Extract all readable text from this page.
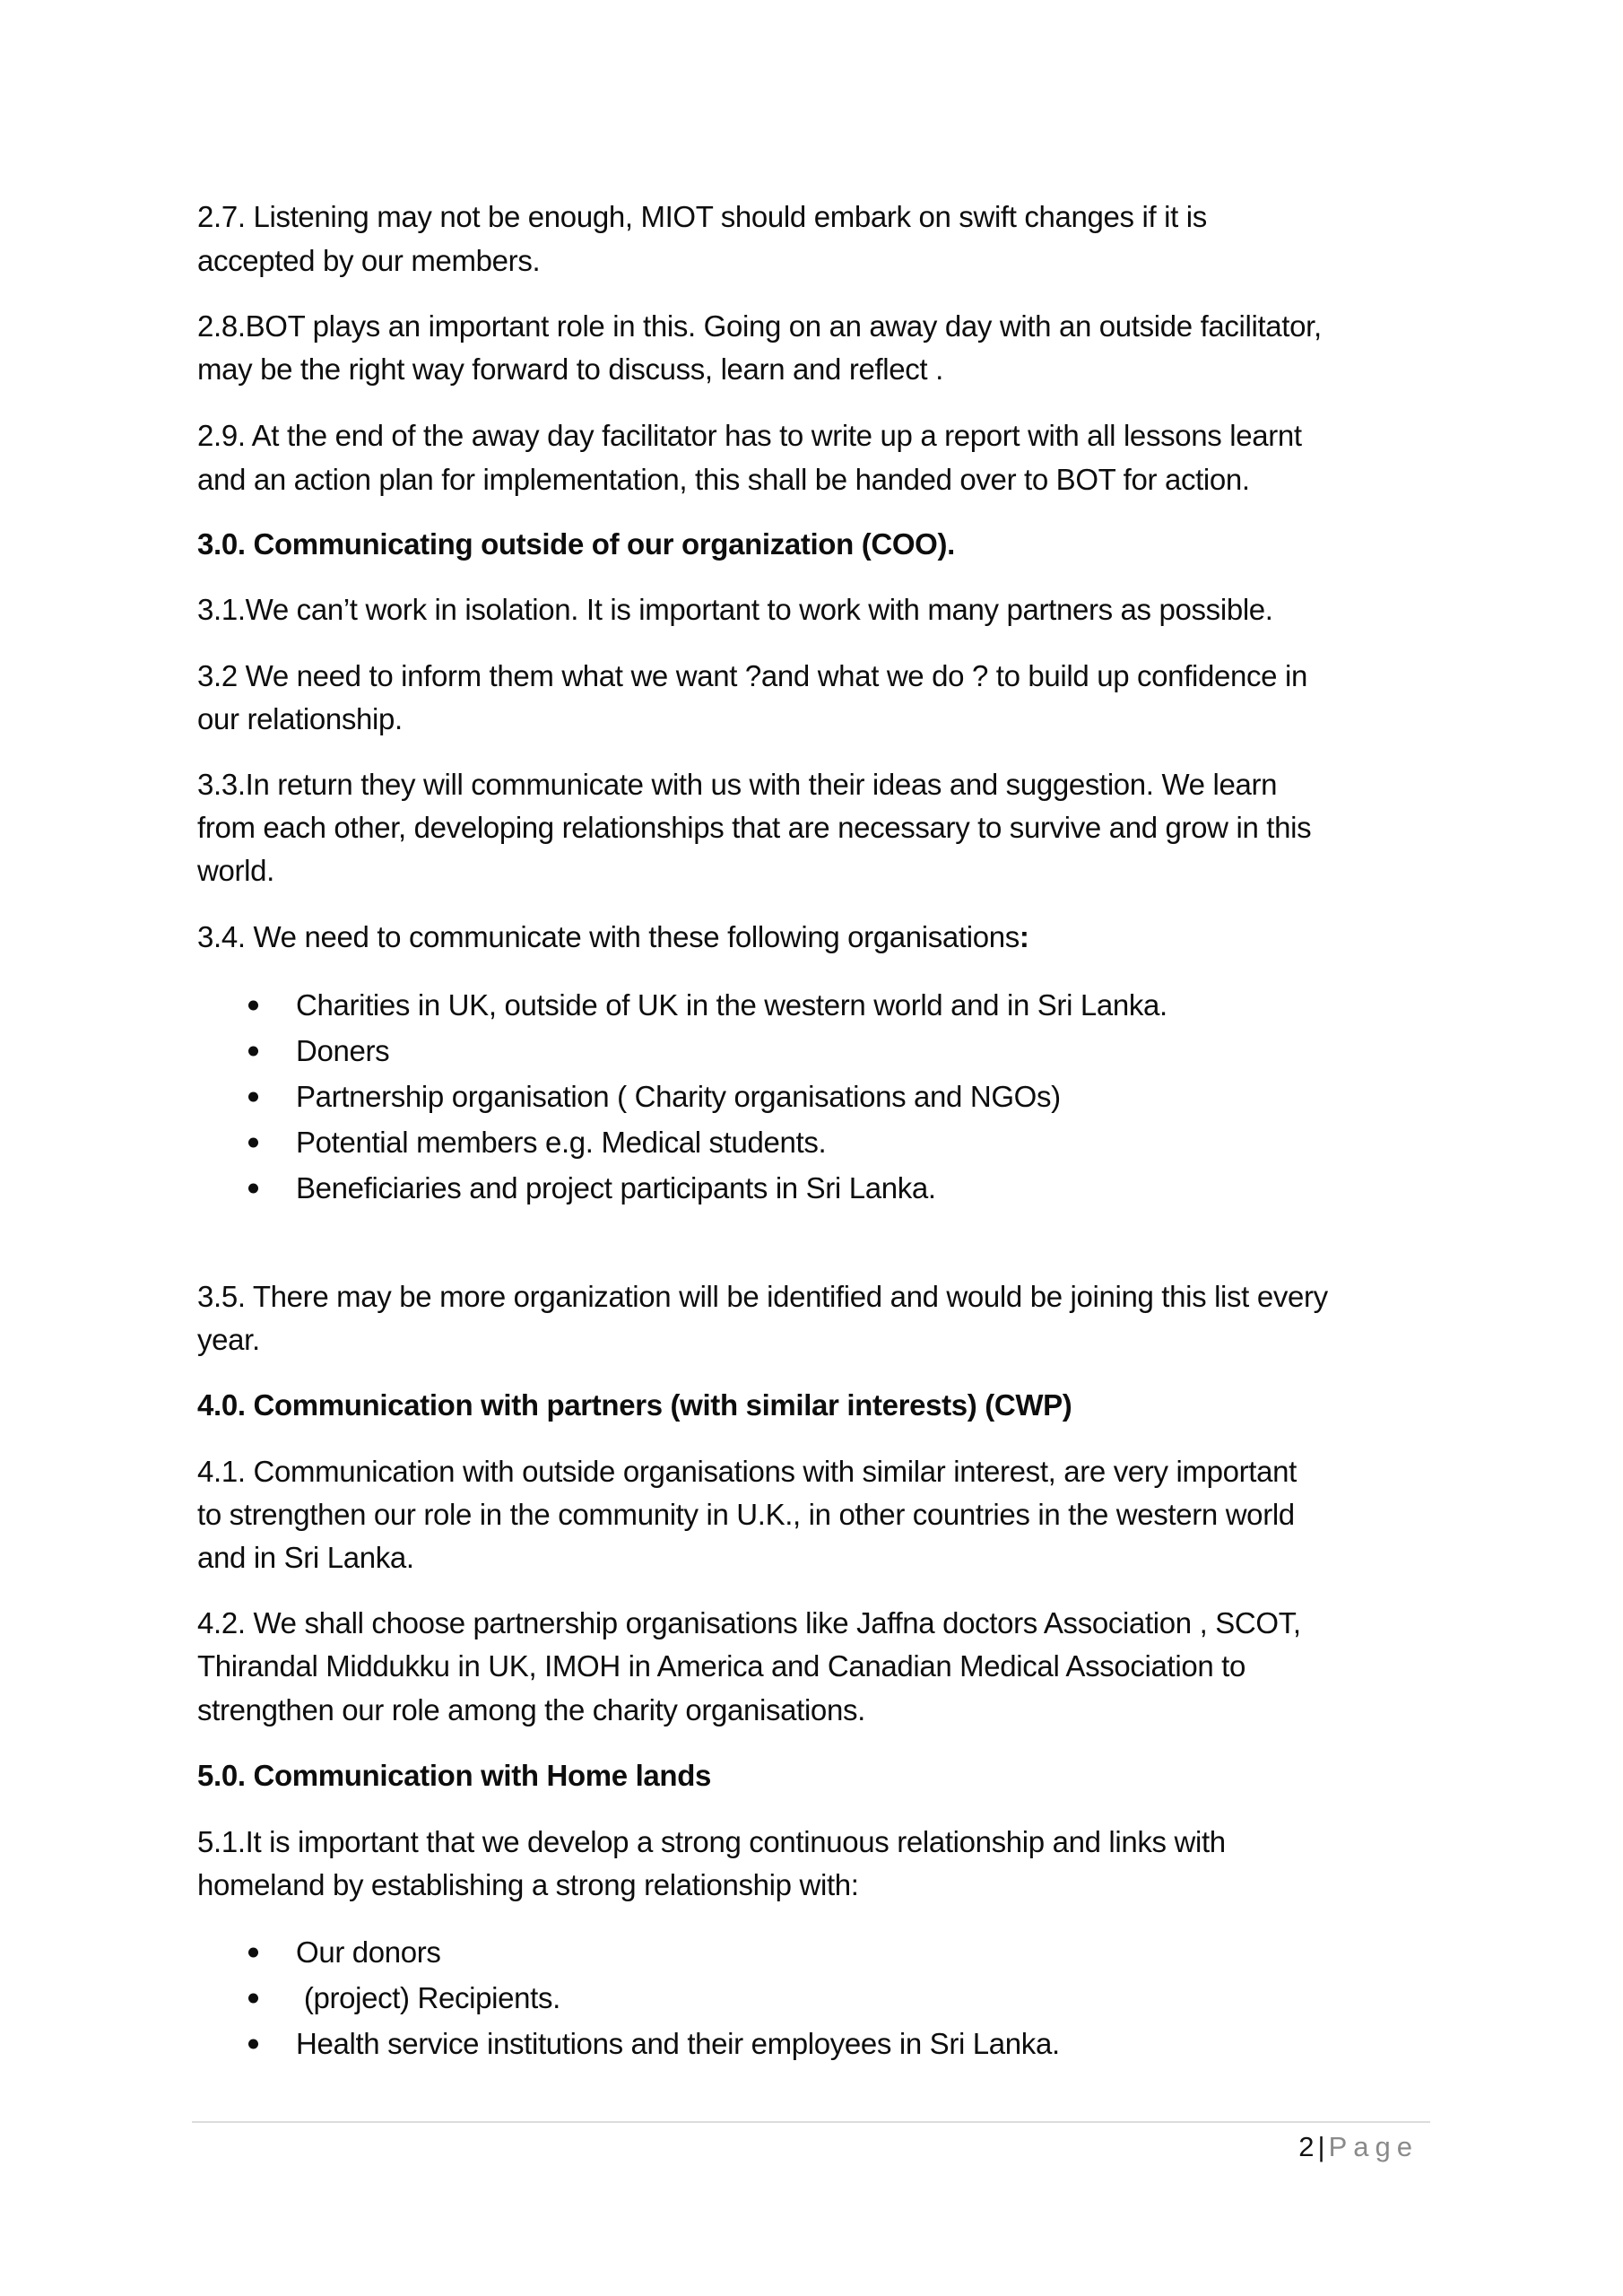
2.7. Listening may not be enough, MIOT should embark on swift changes if it is
accepted by our members.
2.8.BOT plays an important role in this. Going on an away day with an outside facilitator,
may be the right way forward to discuss, learn and reflect .
2.9. At the end of the away day facilitator has to write up a report with all lessons learnt
and an action plan for implementation, this shall be handed over to BOT for action.
3.0. Communicating outside of our organization (COO).
3.1.We can’t work in isolation. It is important to work with many partners as possible.
3.2 We need to inform them what we want ?and what we do ? to build up confidence in
our relationship.
3.3.In return they will communicate with us with their ideas and suggestion. We learn
from each other, developing relationships that are necessary to survive and grow in this
world.
3.4. We need to communicate with these following organisations:
Charities in UK, outside of UK in the western world and in Sri Lanka.
Doners
Partnership organisation ( Charity organisations and NGOs)
Potential members e.g. Medical students.
Beneficiaries and project participants in Sri Lanka.
3.5. There may be more organization will be identified and would be joining this list every
year.
4.0. Communication with partners (with similar interests) (CWP)
4.1. Communication with outside organisations with similar interest, are very important
to strengthen our role in the community in U.K., in other countries in the western world
and in Sri Lanka.
4.2. We shall choose partnership organisations like Jaffna doctors Association , SCOT,
Thirandal Middukku in UK, IMOH in America and Canadian Medical Association to
strengthen our role among the charity organisations.
5.0. Communication with Home lands
5.1.It is important that we develop a strong continuous relationship and links with
homeland by establishing a strong relationship with:
Our donors
(project) Recipients.
Health service institutions and their employees in Sri Lanka.
2 | Page
